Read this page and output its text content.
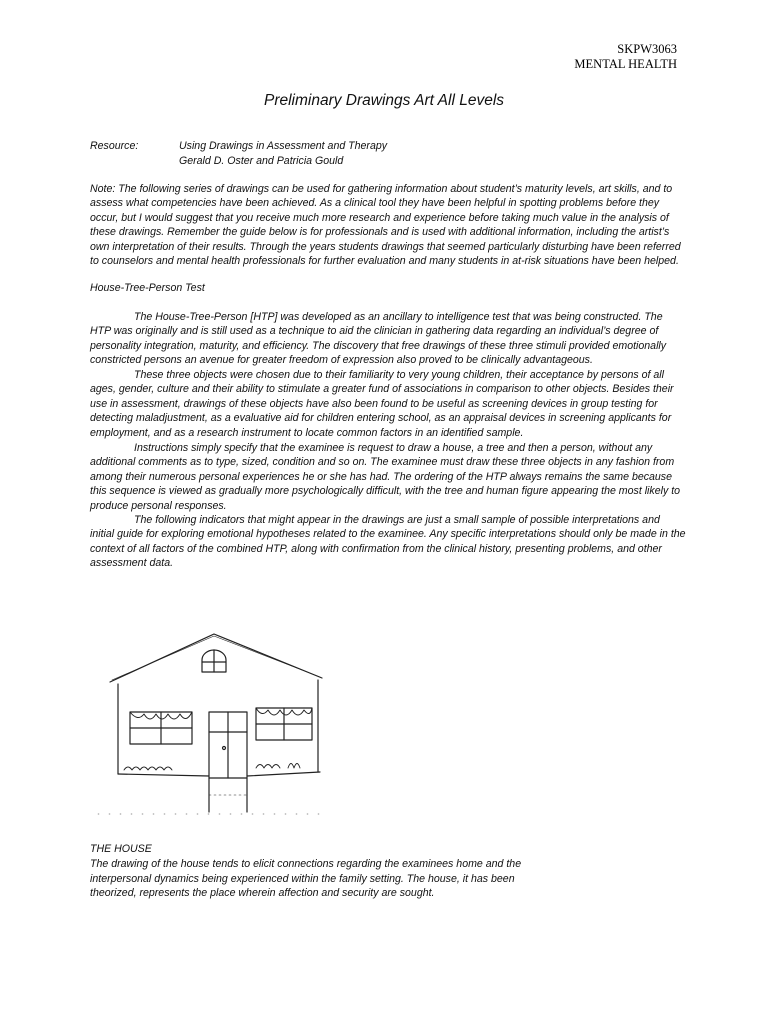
SKPW3063
MENTAL HEALTH
Preliminary Drawings Art All Levels
Resource:	Using Drawings in Assessment and Therapy
Gerald D. Oster and Patricia Gould

Note: The following series of drawings can be used for gathering information about student’s maturity levels, art skills, and to assess what competencies have been achieved. As a clinical tool they have been helpful in spotting problems before they occur, but I would suggest that you receive much more research and experience before taking much value in the analysis of these drawings. Remember the guide below is for professionals and is used with additional information, including the artist’s own interpretation of their results. Through the years students drawings that seemed particularly disturbing have been referred to counselors and mental health professionals for further evaluation and many students in at-risk situations have been helped.

House-Tree-Person Test

The House-Tree-Person [HTP] was developed as an ancillary to intelligence test that was being constructed. The HTP was originally and is still used as a technique to aid the clinician in gathering data regarding an individual’s degree of personality integration, maturity, and efficiency. The discovery that free drawings of these three stimuli provided emotionally constricted persons an avenue for greater freedom of expression also proved to be clinically advantageous.

These three objects were chosen due to their familiarity to very young children, their acceptance by persons of all ages, gender, culture and their ability to stimulate a greater fund of associations in comparison to other objects. Besides their use in assessment, drawings of these objects have also been found to be useful as screening devices in group testing for detecting maladjustment, as a evaluative aid for children entering school, as an appraisal devices in screening applicants for employment, and as a research instrument to locate common factors in an identified sample.

Instructions simply specify that the examinee is request to draw a house, a tree and then a person, without any additional comments as to type, sized, condition and so on. The examinee must draw these three objects in any fashion from among their numerous personal experiences he or she has had. The ordering of the HTP always remains the same because this sequence is viewed as gradually more psychologically difficult, with the tree and human figure appearing the most likely to produce personal responses.

The following indicators that might appear in the drawings are just a small sample of possible interpretations and initial guide for exploring emotional hypotheses related to the examinee. Any specific interpretations should only be made in the context of all factors of the combined HTP, along with confirmation from the clinical history, presenting problems, and other assessment data.

THE HOUSE
The drawing of the house tends to elicit connections regarding the examinees home and the interpersonal dynamics being experienced within the family setting. The house, it has been theorized, represents the place wherein affection and security are sought.
